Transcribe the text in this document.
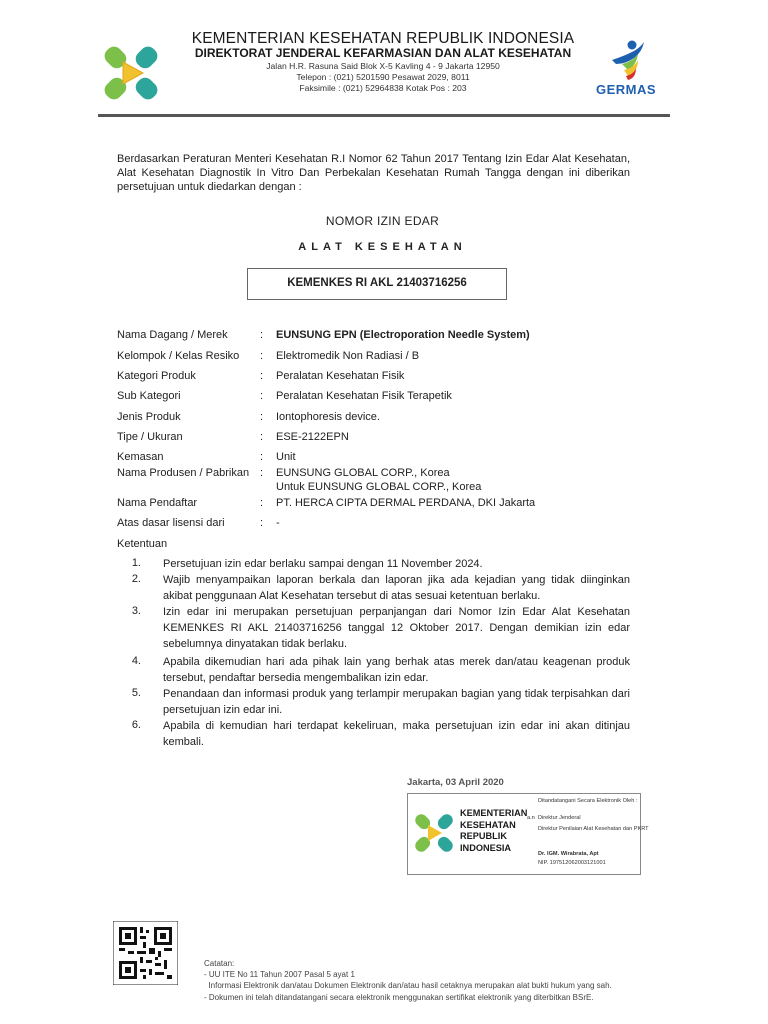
KEMENTERIAN KESEHATAN REPUBLIK INDONESIA
DIREKTORAT JENDERAL KEFARMASIAN DAN ALAT KESEHATAN
Jalan H.R. Rasuna Said Blok X-5 Kavling 4 - 9 Jakarta 12950
Telepon : (021) 5201590 Pesawat 2029, 8011
Faksimile : (021) 52964838 Kotak Pos : 203	GERMAS
Berdasarkan Peraturan Menteri Kesehatan R.I Nomor 62 Tahun 2017 Tentang Izin Edar Alat Kesehatan, Alat Kesehatan Diagnostik In Vitro Dan Perbekalan Kesehatan Rumah Tangga dengan ini diberikan persetujuan untuk diedarkan dengan :
NOMOR IZIN EDAR
ALAT KESEHATAN
KEMENKES RI AKL 21403716256
Nama Dagang / Merek	:	EUNSUNG EPN (Electroporation Needle System)
Kelompok / Kelas Resiko	:	Elektromedik Non Radiasi / B
Kategori Produk	:	Peralatan Kesehatan Fisik
Sub Kategori	:	Peralatan Kesehatan Fisik Terapetik
Jenis Produk	:	Iontophoresis device.
Tipe / Ukuran	:	ESE-2122EPN
Kemasan	:	Unit
Nama Produsen / Pabrikan :	EUNSUNG GLOBAL CORP., Korea
Untuk EUNSUNG GLOBAL CORP., Korea
Nama Pendaftar	:	PT. HERCA CIPTA DERMAL PERDANA, DKI Jakarta
Atas dasar lisensi dari	:	-
Ketentuan
1. Persetujuan izin edar berlaku sampai dengan 11 November 2024.
2. Wajib menyampaikan laporan berkala dan laporan jika ada kejadian yang tidak diinginkan akibat penggunaan Alat Kesehatan tersebut di atas sesuai ketentuan berlaku.
3. Izin edar ini merupakan persetujuan perpanjangan dari Nomor Izin Edar Alat Kesehatan KEMENKES RI AKL 21403716256 tanggal 12 Oktober 2017. Dengan demikian izin edar sebelumnya dinyatakan tidak berlaku.
4. Apabila dikemudian hari ada pihak lain yang berhak atas merek dan/atau keagenan produk tersebut, pendaftar bersedia mengembalikan izin edar.
5. Penandaan dan informasi produk yang terlampir merupakan bagian yang tidak terpisahkan dari persetujuan izin edar ini.
6. Apabila di kemudian hari terdapat kekeliruan, maka persetujuan izin edar ini akan ditinjau kembali.
Jakarta, 03 April 2020
KEMENTERIAN
KESEHATAN
REPUBLIK
INDONESIA
Ditandatangani Secara Elektronik Oleh :
a.n Direktur Jenderal
Direktur Penilaian Alat Kesehatan dan PKRT
Dr. IGM. Wirabrata, Apt
NIP. 197512062003121001
Catatan:
- UU ITE No 11 Tahun 2007 Pasal 5 ayat 1
Informasi Elektronik dan/atau Dokumen Elektronik dan/atau hasil cetaknya merupakan alat bukti hukum yang sah.
- Dokumen ini telah ditandatangani secara elektronik menggunakan sertifikat elektronik yang diterbitkan BSrE.
